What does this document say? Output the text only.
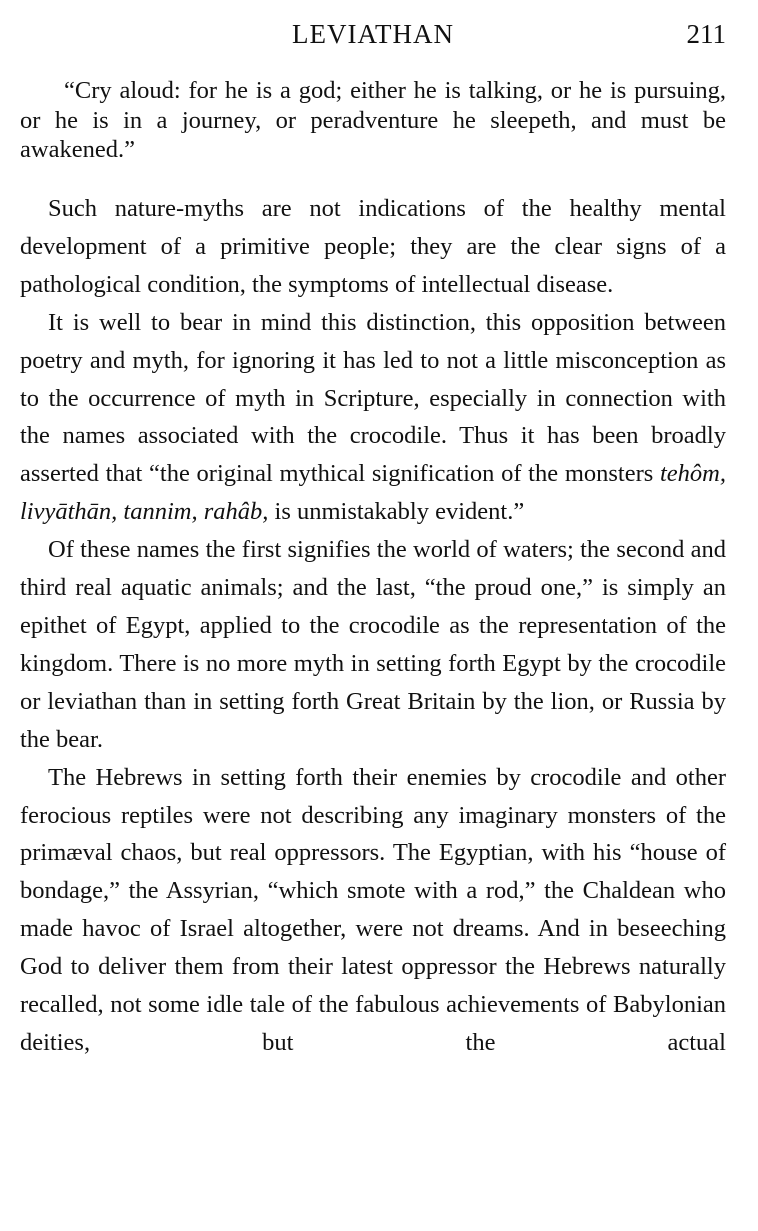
LEVIATHAN	211

“Cry aloud: for he is a god; either he is talking, or he is pursuing, or he is in a journey, or peradventure he sleepeth, and must be awakened.”

Such nature-myths are not indications of the healthy mental development of a primitive people; they are the clear signs of a pathological condition, the symptoms of intellectual disease.

It is well to bear in mind this distinction, this opposition between poetry and myth, for ignoring it has led to not a little misconception as to the occurrence of myth in Scripture, especially in connection with the names associated with the crocodile. Thus it has been broadly asserted that “the original mythical signification of the monsters tehôm, livyāthān, tannim, rahâb, is unmistakably evident.”

Of these names the first signifies the world of waters; the second and third real aquatic animals; and the last, “the proud one,” is simply an epithet of Egypt, applied to the crocodile as the representation of the kingdom. There is no more myth in setting forth Egypt by the crocodile or leviathan than in setting forth Great Britain by the lion, or Russia by the bear.

The Hebrews in setting forth their enemies by crocodile and other ferocious reptiles were not describing any imaginary monsters of the primæval chaos, but real oppressors. The Egyptian, with his “house of bondage,” the Assyrian, “which smote with a rod,” the Chaldean who made havoc of Israel altogether, were not dreams. And in beseeching God to deliver them from their latest oppressor the Hebrews naturally recalled, not some idle tale of the fabulous achievements of Babylonian deities, but the actual
